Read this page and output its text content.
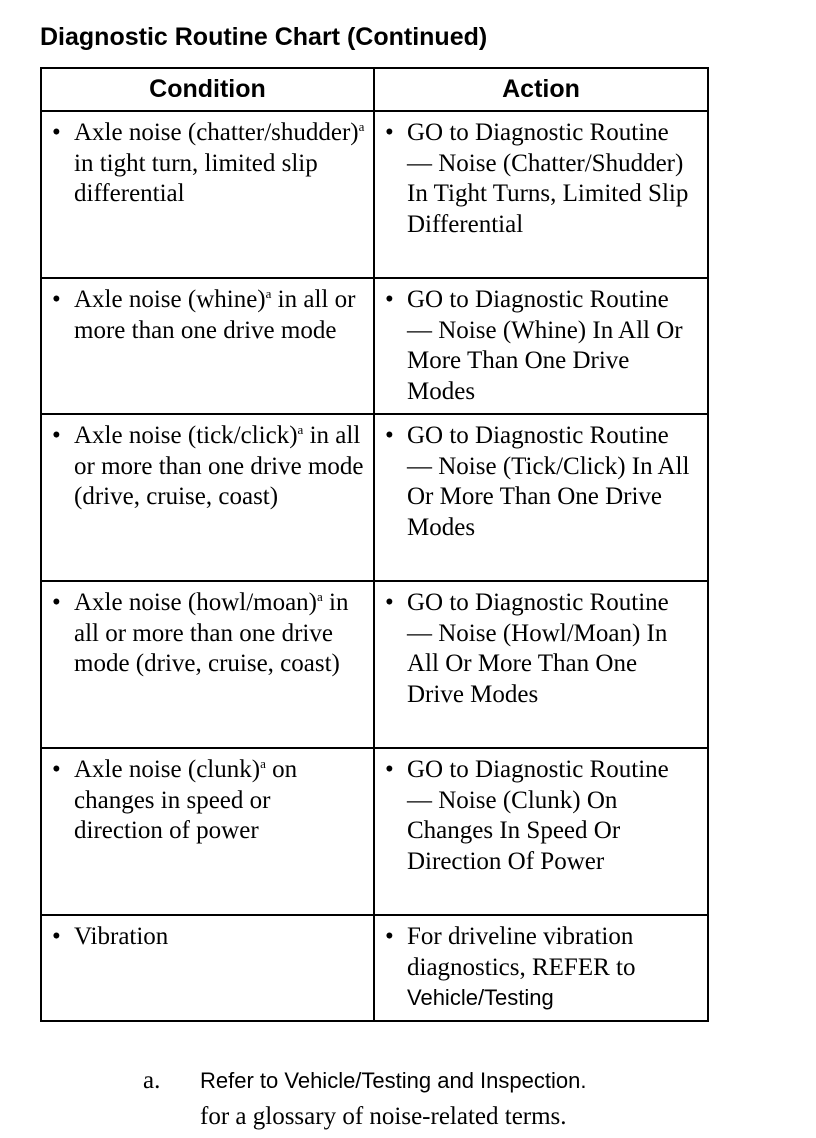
Diagnostic Routine Chart (Continued)
Condition	Action

• Axle noise (chatter/shudder)$^a$ in tight turn, limited slip differential	• GO to Diagnostic Routine — Noise (Chatter/Shudder) In Tight Turns, Limited Slip Differential

• Axle noise (whine)$^a$ in all or more than one drive mode	• GO to Diagnostic Routine — Noise (Whine) In All Or More Than One Drive Modes

• Axle noise (tick/click)$^a$ in all or more than one drive mode (drive, cruise, coast)	• GO to Diagnostic Routine — Noise (Tick/Click) In All Or More Than One Drive Modes

• Axle noise (howl/moan)$^a$ in all or more than one drive mode (drive, cruise, coast)	• GO to Diagnostic Routine — Noise (Howl/Moan) In All Or More Than One Drive Modes

• Axle noise (clunk)$^a$ on changes in speed or direction of power	• GO to Diagnostic Routine — Noise (Clunk) On Changes In Speed Or Direction Of Power

• Vibration	• For driveline vibration diagnostics, REFER to Vehicle/Testing
a. Refer to Vehicle/Testing and Inspection.
for a glossary of noise-related terms.
